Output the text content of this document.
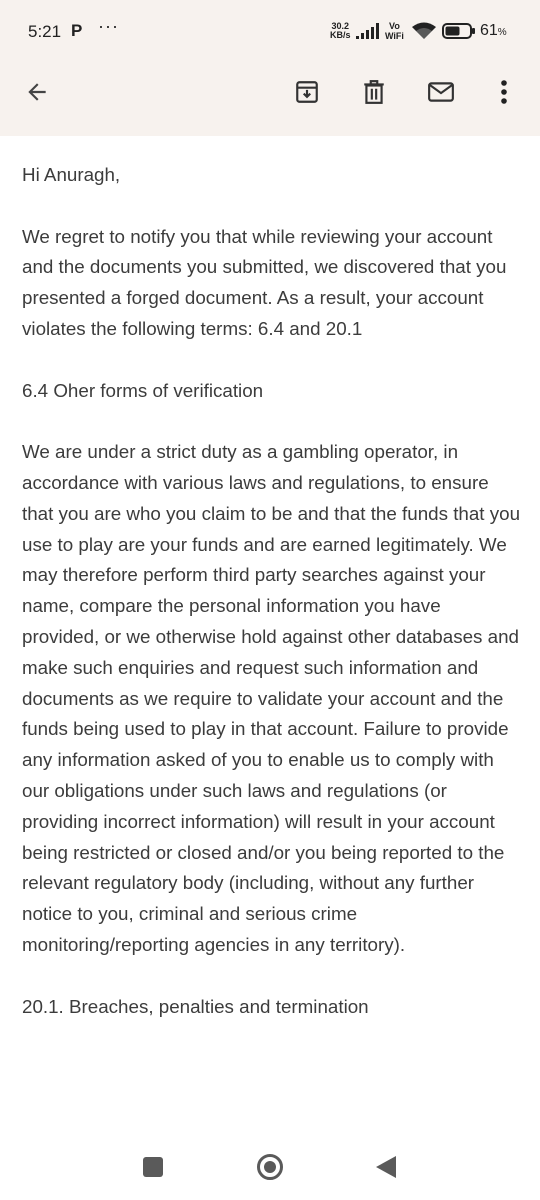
5:21 P ···	30.2
KB/s
Vo
WiFi	61%

Hi Anuragh,

We regret to notify you that while reviewing your account and the documents you submitted, we discovered that you presented a forged document. As a result, your account violates the following terms: 6.4 and 20.1

6.4 Oher forms of verification

We are under a strict duty as a gambling operator, in accordance with various laws and regulations, to ensure that you are who you claim to be and that the funds that you use to play are your funds and are earned legitimately. We may therefore perform third party searches against your name, compare the personal information you have provided, or we otherwise hold against other databases and make such enquiries and request such information and documents as we require to validate your account and the funds being used to play in that account. Failure to provide any information asked of you to enable us to comply with our obligations under such laws and regulations (or providing incorrect information) will result in your account being restricted or closed and/or you being reported to the relevant regulatory body (including, without any further notice to you, criminal and serious crime monitoring/reporting agencies in any territory).

20.1. Breaches, penalties and termination
